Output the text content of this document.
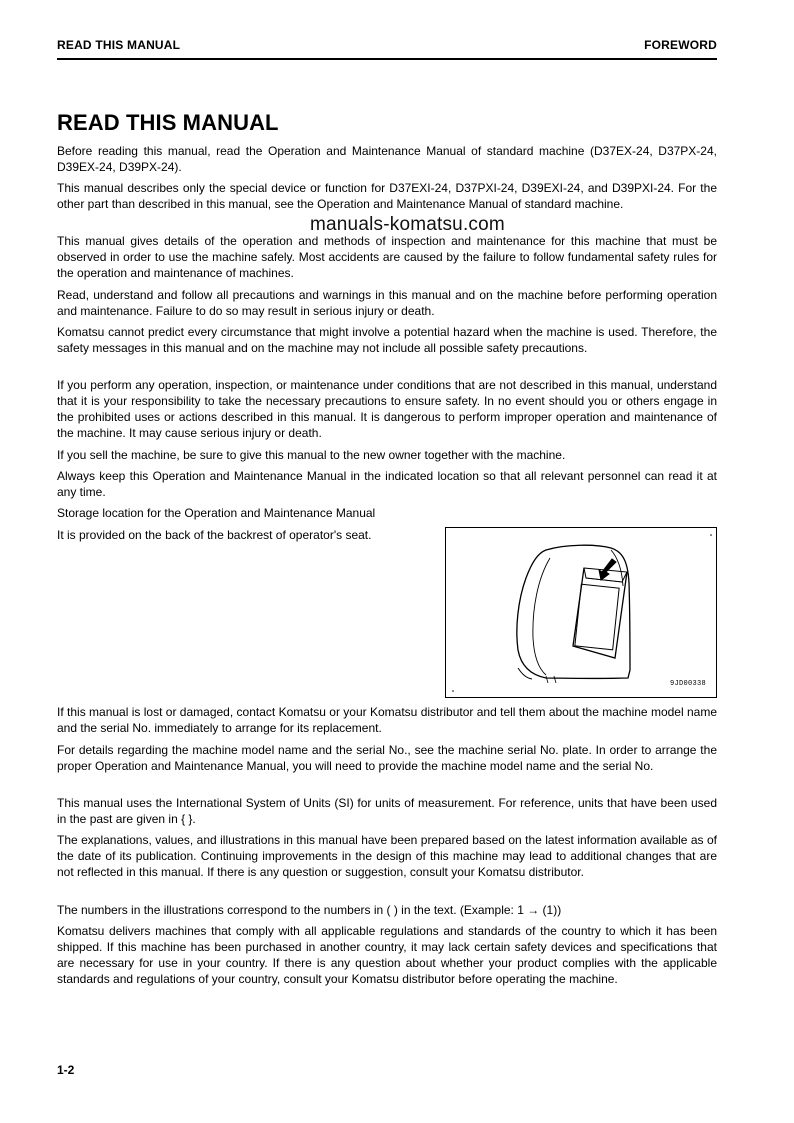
READ THIS MANUAL	FOREWORD
READ THIS MANUAL

Before reading this manual, read the Operation and Maintenance Manual of standard machine (D37EX-24, D37PX-24, D39EX-24, D39PX-24).

This manual describes only the special device or function for D37EXI-24, D37PXI-24, D39EXI-24, and D39PXI-24. For the other part than described in this manual, see the Operation and Maintenance Manual of standard machine.

This manual gives details of the operation and methods of inspection and maintenance for this machine that must be observed in order to use the machine safely. Most accidents are caused by the failure to follow fundamental safety rules for the operation and maintenance of machines.

Read, understand and follow all precautions and warnings in this manual and on the machine before performing operation and maintenance. Failure to do so may result in serious injury or death.

Komatsu cannot predict every circumstance that might involve a potential hazard when the machine is used. Therefore, the safety messages in this manual and on the machine may not include all possible safety precautions.

If you perform any operation, inspection, or maintenance under conditions that are not described in this manual, understand that it is your responsibility to take the necessary precautions to ensure safety. In no event should you or others engage in the prohibited uses or actions described in this manual. It is dangerous to perform improper operation and maintenance of the machine. It may cause serious injury or death.

If you sell the machine, be sure to give this manual to the new owner together with the machine.

Always keep this Operation and Maintenance Manual in the indicated location so that all relevant personnel can read it at any time.

Storage location for the Operation and Maintenance Manual

It is provided on the back of the backrest of operator's seat.

9JD00338

If this manual is lost or damaged, contact Komatsu or your Komatsu distributor and tell them about the machine model name and the serial No. immediately to arrange for its replacement.

For details regarding the machine model name and the serial No., see the machine serial No. plate. In order to arrange the proper Operation and Maintenance Manual, you will need to provide the machine model name and the serial No.

This manual uses the International System of Units (SI) for units of measurement. For reference, units that have been used in the past are given in { }.

The explanations, values, and illustrations in this manual have been prepared based on the latest information available as of the date of its publication. Continuing improvements in the design of this machine may lead to additional changes that are not reflected in this manual. If there is any question or suggestion, consult your Komatsu distributor.

The numbers in the illustrations correspond to the numbers in ( ) in the text. (Example: 1 → (1))

Komatsu delivers machines that comply with all applicable regulations and standards of the country to which it has been shipped. If this machine has been purchased in another country, it may lack certain safety devices and specifications that are necessary for use in your country. If there is any question about whether your product complies with the applicable standards and regulations of your country, consult your Komatsu distributor before operating the machine.

manuals-komatsu.com
1-2
